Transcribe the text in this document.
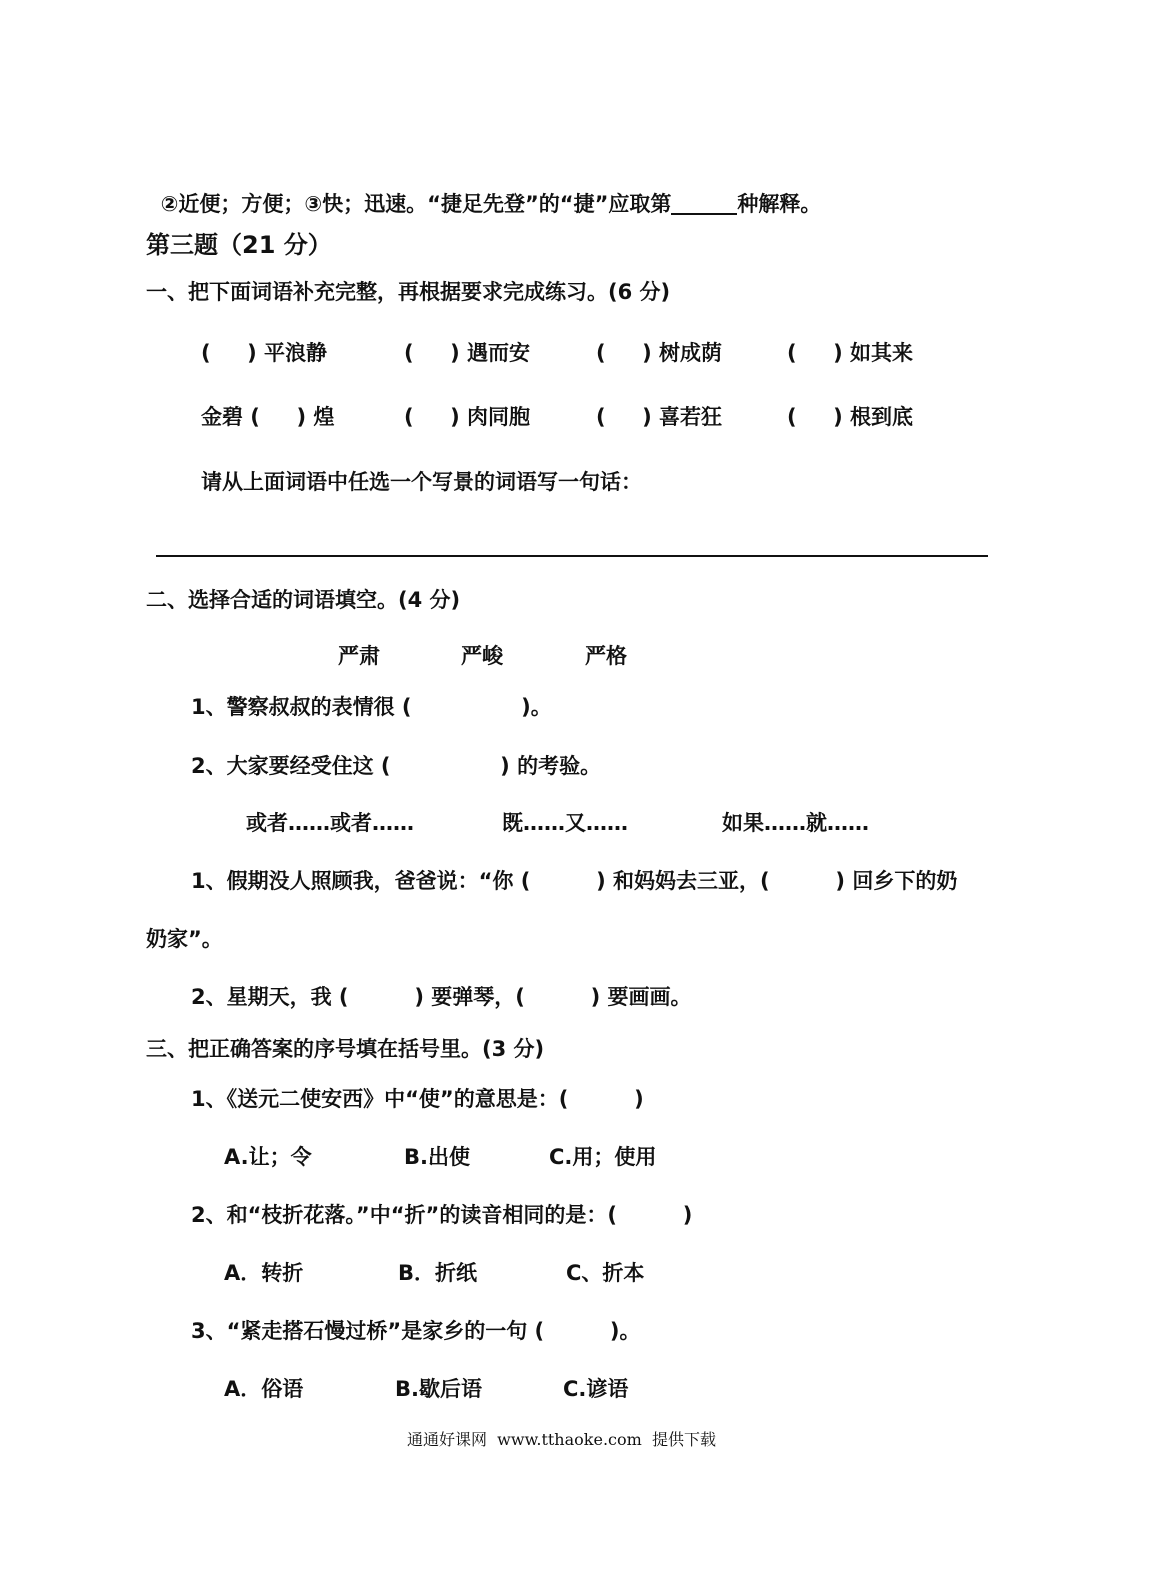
②近便；方便；③快；迅速。“捷足先登”的“捷”应取第	种解释。

第三题（21 分）
一、把下面词语补充完整，再根据要求完成练习。(6 分)
(     ) 平浪静	(     ) 遇而安	(     ) 树成荫	(     ) 如其来
金碧 (     ) 煌	(     ) 肉同胞	(     ) 喜若狂	(     ) 根到底
请从上面词语中任选一个写景的词语写一句话：
二、选择合适的词语填空。(4 分)
严肃	严峻	严格
1、警察叔叔的表情很 (               )。
2、大家要经受住这 (               ) 的考验。
或者……或者……	既……又……	如果……就……
1、假期没人照顾我，爸爸说：“你 (         ) 和妈妈去三亚，(         ) 回乡下的奶
奶家”。
2、星期天，我 (         ) 要弹琴，(         ) 要画画。
三、把正确答案的序号填在括号里。(3 分)
1、《送元二使安西》中“使”的意思是：(         )
A.让；令	B.出使	C.用；使用
2、和“枝折花落。”中“折”的读音相同的是：(         )
A．转折	B．折纸	C、折本
3、“紧走搭石慢过桥”是家乡的一句 (         )。
A．俗语	B.歇后语	C.谚语
通通好课网  www.tthaoke.com  提供下载
